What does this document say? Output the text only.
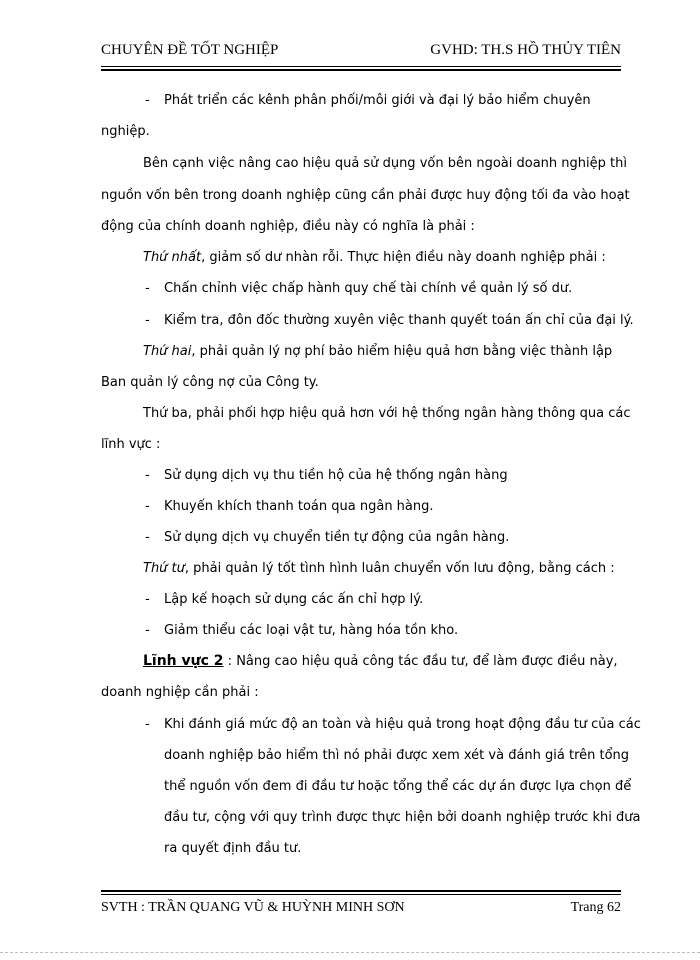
CHUYÊN ĐỀ TỐT NGHIỆP	GVHD: TH.S HỒ THỦY TIÊN
- Phát triển các kênh phân phối/môi giới và đại lý bảo hiểm chuyên
nghiệp.
Bên cạnh việc nâng cao hiệu quả sử dụng vốn bên ngoài doanh nghiệp thì
nguồn vốn bên trong doanh nghiệp cũng cần phải được huy động tối đa vào hoạt
động của chính doanh nghiệp, điều này có nghĩa là phải :
Thứ nhất, giảm số dư nhàn rỗi. Thực hiện điều này doanh nghiệp phải :
- Chấn chỉnh việc chấp hành quy chế tài chính về quản lý số dư.
- Kiểm tra, đôn đốc thường xuyên việc thanh quyết toán ấn chỉ của đại lý.
Thứ hai, phải quản lý nợ phí bảo hiểm hiệu quả hơn bằng việc thành lập
Ban quản lý công nợ của Công ty.
Thứ ba, phải phối hợp hiệu quả hơn với hệ thống ngân hàng thông qua các
lĩnh vực :
- Sử dụng dịch vụ thu tiền hộ của hệ thống ngân hàng
- Khuyến khích thanh toán qua ngân hàng.
- Sử dụng dịch vụ chuyển tiền tự động của ngân hàng.
Thứ tư, phải quản lý tốt tình hình luân chuyển vốn lưu động, bằng cách :
- Lập kế hoạch sử dụng các ấn chỉ hợp lý.
- Giảm thiểu các loại vật tư, hàng hóa tồn kho.
Lĩnh vực 2 : Nâng cao hiệu quả công tác đầu tư, để làm được điều này,
doanh nghiệp cần phải :
- Khi đánh giá mức độ an toàn và hiệu quả trong hoạt động đầu tư của các
doanh nghiệp bảo hiểm thì nó phải được xem xét và đánh giá trên tổng
thể nguồn vốn đem đi đầu tư hoặc tổng thể các dự án được lựa chọn để
đầu tư, cộng với quy trình được thực hiện bởi doanh nghiệp trước khi đưa
ra quyết định đầu tư.
SVTH : TRẦN QUANG VŨ & HUỲNH MINH SƠN	Trang 62
